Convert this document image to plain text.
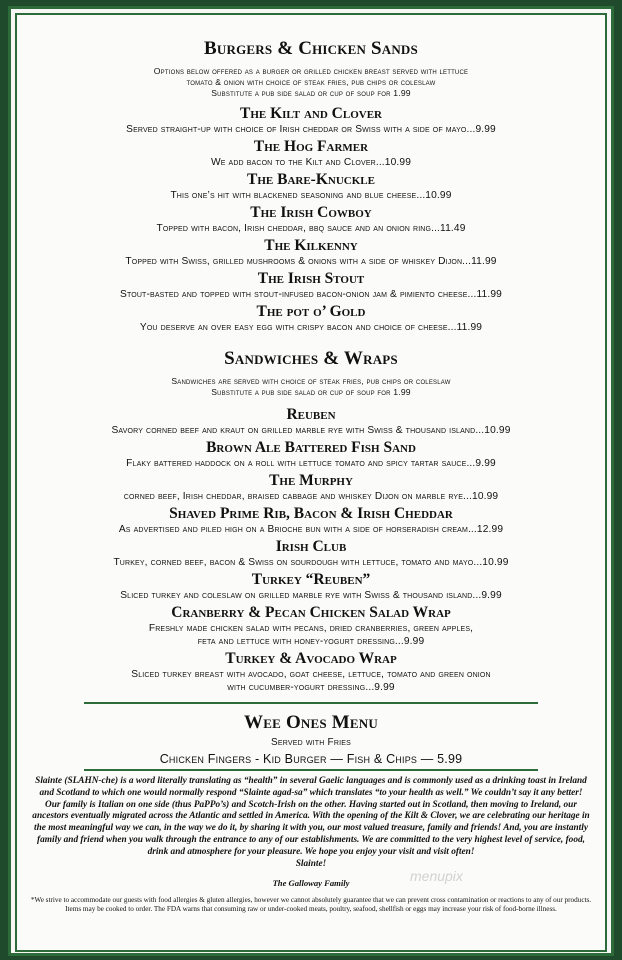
Burgers & Chicken Sands

Options below offered as a burger or grilled chicken breast served with lettuce

tomato & onion with choice of steak fries, pub chips or coleslaw

Substitute a pub side salad or cup of soup for 1.99

The Kilt and Clover

Served straight-up with choice of Irish cheddar or Swiss with a side of mayo...9.99

The Hog Farmer

We add bacon to the Kilt and Clover...10.99

The Bare-Knuckle

This one’s hit with blackened seasoning and blue cheese...10.99

The Irish Cowboy

Topped with bacon, Irish cheddar, bbq sauce and an onion ring...11.49

The Kilkenny

Topped with Swiss, grilled mushrooms & onions with a side of whiskey Dijon...11.99

The Irish Stout

Stout-basted and topped with stout-infused bacon-onion jam & pimiento cheese...11.99

The pot o’ Gold

You deserve an over easy egg with crispy bacon and choice of cheese...11.99

Sandwiches & Wraps

Sandwiches are served with choice of steak fries, pub chips or coleslaw

Substitute a pub side salad or cup of soup for 1.99

Reuben

Savory corned beef and kraut on grilled marble rye with Swiss & thousand island...10.99

Brown Ale Battered Fish Sand

Flaky battered haddock on a roll with lettuce tomato and spicy tartar sauce...9.99

The Murphy

corned beef, Irish cheddar, braised cabbage and whiskey Dijon on marble rye...10.99

Shaved Prime Rib, Bacon & Irish Cheddar

As advertised and piled high on a Brioche bun with a side of horseradish cream...12.99

Irish Club

Turkey, corned beef, bacon & Swiss on sourdough with lettuce, tomato and mayo...10.99

Turkey “Reuben”

Sliced turkey and coleslaw on grilled marble rye with Swiss & thousand island...9.99

Cranberry & Pecan Chicken Salad Wrap

Freshly made chicken salad with pecans, dried cranberries, green apples,

feta and lettuce with honey-yogurt dressing...9.99

Turkey & Avocado Wrap

Sliced turkey breast with avocado, goat cheese, lettuce, tomato and green onion

with cucumber-yogurt dressing...9.99

Wee Ones Menu

Served with Fries

Chicken Fingers - Kid Burger — Fish & Chips — 5.99

Slainte (SLAHN-che) is a word literally translating as “health” in several Gaelic languages and is commonly used as a drinking toast in Ireland and Scotland to which one would normally respond “Slainte agad-sa” which translates “to your health as well.” We couldn’t say it any better! Our family is Italian on one side (thus PaPPo’s) and Scotch-Irish on the other. Having started out in Scotland, then moving to Ireland, our ancestors eventually migrated across the Atlantic and settled in America. With the opening of the Kilt & Clover, we are celebrating our heritage in the most meaningful way we can, in the way we do it, by sharing it with you, our most valued treasure, family and friends! And, you are instantly family and friend when you walk through the entrance to any of our establishments. We are committed to the very highest level of service, food, drink and atmosphere for your pleasure. We hope you enjoy your visit and visit often!

Slainte!
The Galloway Family

*We strive to accommodate our guests with food allergies & gluten allergies, however we cannot absolutely guarantee that we can prevent cross contamination or reactions to any of our products. Items may be cooked to order. The FDA warns that consuming raw or under-cooked meats, poultry, seafood, shellfish or eggs may increase your risk of food-borne illness.

menupix
